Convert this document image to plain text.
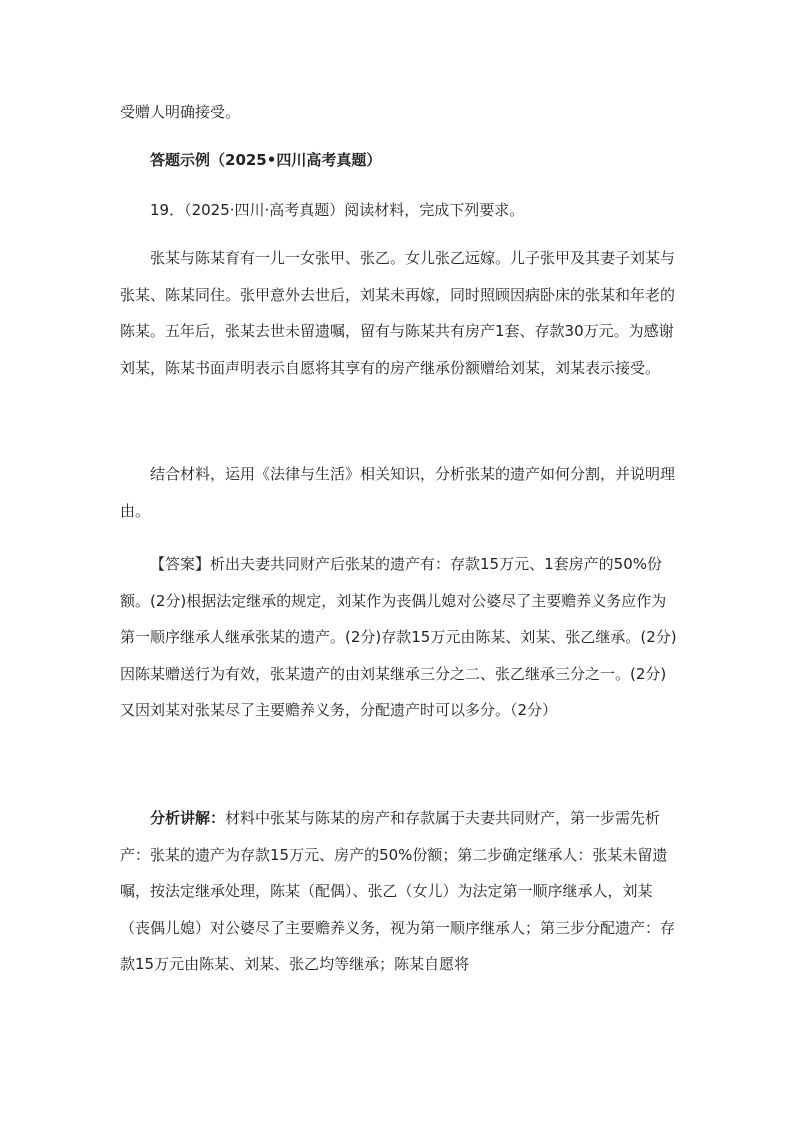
受赠人明确接受。
答题示例（2025•四川高考真题）
19．（2025·四川·高考真题）阅读材料，完成下列要求。
张某与陈某育有一儿一女张甲、张乙。女儿张乙远嫁。儿子张甲及其妻子刘某与张某、陈某同住。张甲意外去世后，刘某未再嫁，同时照顾因病卧床的张某和年老的陈某。五年后，张某去世未留遗嘱，留有与陈某共有房产1套、存款30万元。为感谢刘某，陈某书面声明表示自愿将其享有的房产继承份额赠给刘某，刘某表示接受。
结合材料，运用《法律与生活》相关知识，分析张某的遗产如何分割，并说明理由。
【答案】析出夫妻共同财产后张某的遗产有：存款15万元、1套房产的50%份额。(2分)根据法定继承的规定，刘某作为丧偶儿媳对公婆尽了主要赡养义务应作为第一顺序继承人继承张某的遗产。(2分)存款15万元由陈某、刘某、张乙继承。(2分)因陈某赠送行为有效，张某遗产的由刘某继承三分之二、张乙继承三分之一。(2分)又因刘某对张某尽了主要赡养义务，分配遗产时可以多分。（2分）
分析讲解：材料中张某与陈某的房产和存款属于夫妻共同财产，第一步需先析产：张某的遗产为存款15万元、房产的50%份额；第二步确定继承人：张某未留遗嘱，按法定继承处理，陈某（配偶）、张乙（女儿）为法定第一顺序继承人，刘某（丧偶儿媳）对公婆尽了主要赡养义务，视为第一顺序继承人；第三步分配遗产：存款15万元由陈某、刘某、张乙均等继承；陈某自愿将
